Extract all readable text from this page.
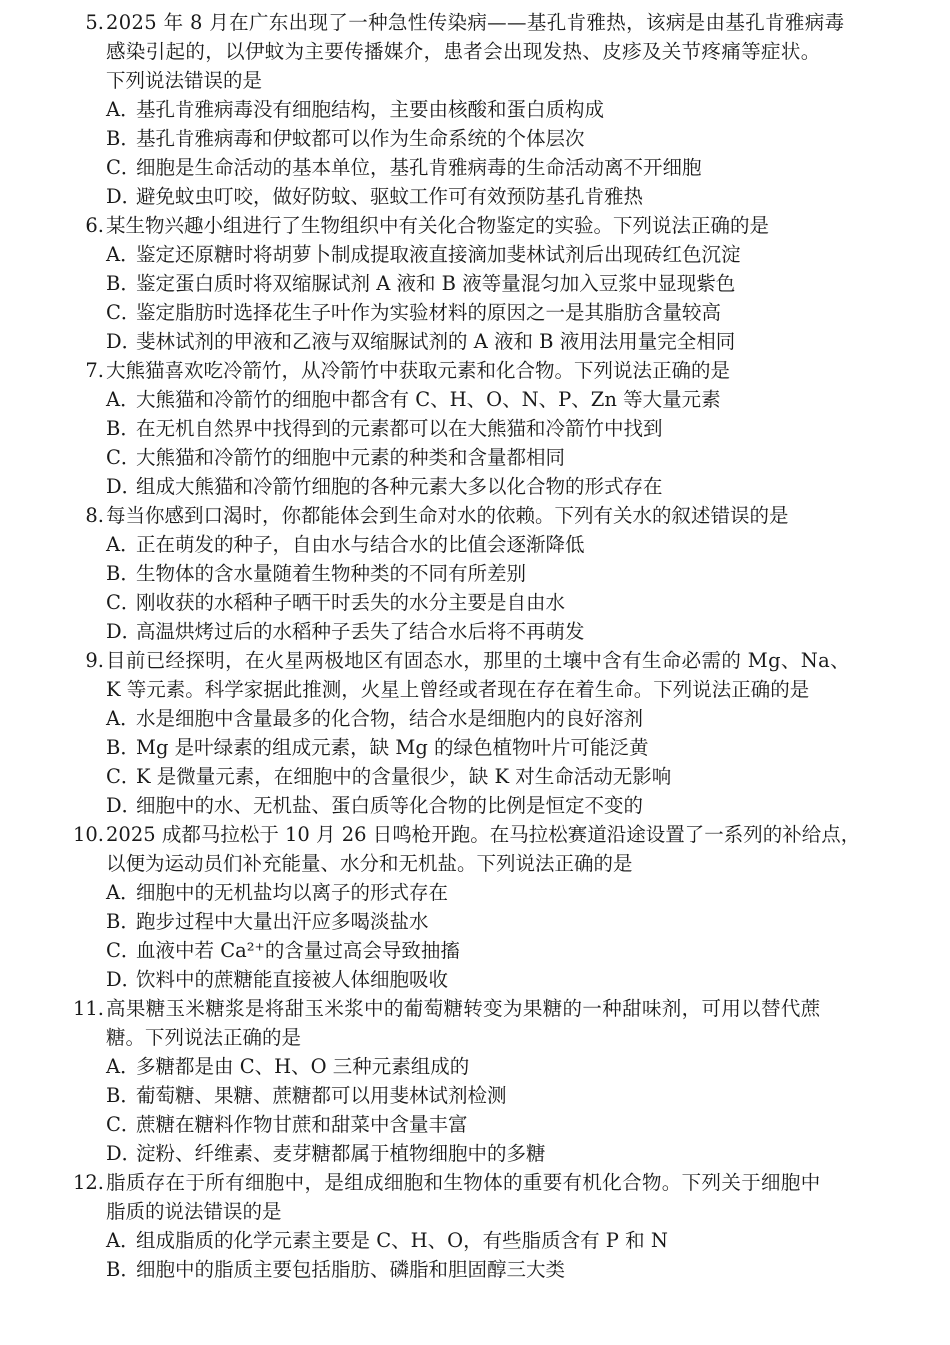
5. 2025 年 8 月在广东出现了一种急性传染病——基孔肯雅热，该病是由基孔肯雅病毒
感染引起的，以伊蚊为主要传播媒介，患者会出现发热、皮疹及关节疼痛等症状。
下列说法错误的是
A．基孔肯雅病毒没有细胞结构，主要由核酸和蛋白质构成
B．基孔肯雅病毒和伊蚊都可以作为生命系统的个体层次
C．细胞是生命活动的基本单位，基孔肯雅病毒的生命活动离不开细胞
D．避免蚊虫叮咬，做好防蚊、驱蚊工作可有效预防基孔肯雅热
6. 某生物兴趣小组进行了生物组织中有关化合物鉴定的实验。下列说法正确的是
A．鉴定还原糖时将胡萝卜制成提取液直接滴加斐林试剂后出现砖红色沉淀
B．鉴定蛋白质时将双缩脲试剂 A 液和 B 液等量混匀加入豆浆中显现紫色
C．鉴定脂肪时选择花生子叶作为实验材料的原因之一是其脂肪含量较高
D．斐林试剂的甲液和乙液与双缩脲试剂的 A 液和 B 液用法用量完全相同
7. 大熊猫喜欢吃冷箭竹，从冷箭竹中获取元素和化合物。下列说法正确的是
A．大熊猫和冷箭竹的细胞中都含有 C、H、O、N、P、Zn 等大量元素
B．在无机自然界中找得到的元素都可以在大熊猫和冷箭竹中找到
C．大熊猫和冷箭竹的细胞中元素的种类和含量都相同
D．组成大熊猫和冷箭竹细胞的各种元素大多以化合物的形式存在
8. 每当你感到口渴时，你都能体会到生命对水的依赖。下列有关水的叙述错误的是
A．正在萌发的种子，自由水与结合水的比值会逐渐降低
B．生物体的含水量随着生物种类的不同有所差别
C．刚收获的水稻种子晒干时丢失的水分主要是自由水
D．高温烘烤过后的水稻种子丢失了结合水后将不再萌发
9. 目前已经探明，在火星两极地区有固态水，那里的土壤中含有生命必需的 Mg、Na、
K 等元素。科学家据此推测，火星上曾经或者现在存在着生命。下列说法正确的是
A．水是细胞中含量最多的化合物，结合水是细胞内的良好溶剂
B．Mg 是叶绿素的组成元素，缺 Mg 的绿色植物叶片可能泛黄
C．K 是微量元素，在细胞中的含量很少，缺 K 对生命活动无影响
D．细胞中的水、无机盐、蛋白质等化合物的比例是恒定不变的
10. 2025 成都马拉松于 10 月 26 日鸣枪开跑。在马拉松赛道沿途设置了一系列的补给点，
以便为运动员们补充能量、水分和无机盐。下列说法正确的是
A．细胞中的无机盐均以离子的形式存在
B．跑步过程中大量出汗应多喝淡盐水
C．血液中若 Ca²⁺的含量过高会导致抽搐
D．饮料中的蔗糖能直接被人体细胞吸收
11. 高果糖玉米糖浆是将甜玉米浆中的葡萄糖转变为果糖的一种甜味剂，可用以替代蔗
糖。下列说法正确的是
A．多糖都是由 C、H、O 三种元素组成的
B．葡萄糖、果糖、蔗糖都可以用斐林试剂检测
C．蔗糖在糖料作物甘蔗和甜菜中含量丰富
D．淀粉、纤维素、麦芽糖都属于植物细胞中的多糖
12. 脂质存在于所有细胞中，是组成细胞和生物体的重要有机化合物。下列关于细胞中
脂质的说法错误的是
A．组成脂质的化学元素主要是 C、H、O，有些脂质含有 P 和 N
B．细胞中的脂质主要包括脂肪、磷脂和胆固醇三大类
